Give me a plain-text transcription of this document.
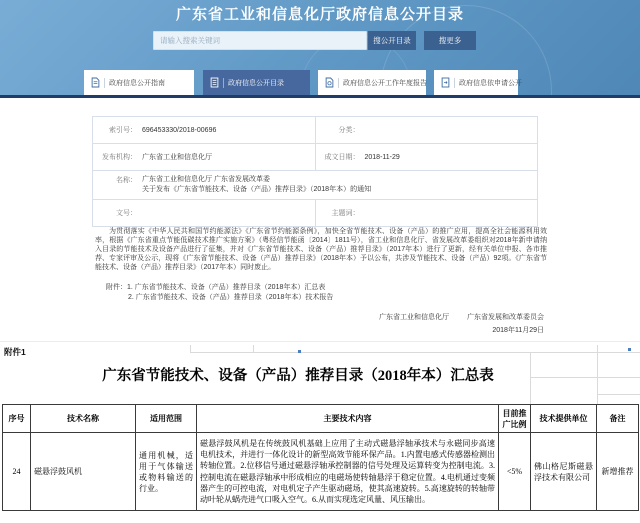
广东省工业和信息化厅政府信息公开目录
请输入搜索关键词
搜公开目录	搜更多
政府信息公开指南	政府信息公开目录	政府信息公开工作年度报告	政府信息依申请公开
索引号： 696453330/2018-00696	分类：
发布机构： 广东省工业和信息化厅	成文日期： 2018-11-29
名称： 广东省工业和信息化厅 广东省发展改革委
关于发布《广东省节能技术、设备（产品）推荐目录》（2018年本）的通知
文号：	主题词：

为贯彻落实《中华人民共和国节约能源法》《广东省节约能源条例》，加快全省节能技术、设备（产品）的推广应用，提高全社会能源利用效率，根据《广东省重点节能低碳技术推广实施方案》（粤经信节能函〔2014〕1811号），省工业和信息化厅、省发展改革委组织对2018年新申请纳入目录的节能技术及设备产品进行了征集，并对《广东省节能技术、设备（产品）推荐目录》（2017年本）进行了更新，经有关单位申报、各市推荐、专家评审及公示，现将《广东省节能技术、设备（产品）推荐目录》（2018年本）予以公布，共涉及节能技术、设备（产品）92项。《广东省节能技术、设备（产品）推荐目录》（2017年本）同时废止。

附件：1. 广东省节能技术、设备（产品）推荐目录（2018年本）汇总表
2. 广东省节能技术、设备（产品）推荐目录（2018年本）技术报告
广东省工业和信息化厅	广东省发展和改革委员会
2018年11月29日
附件1
广东省节能技术、设备（产品）推荐目录（2018年本）汇总表
序号	技术名称	适用范围	主要技术内容	目前推广比例	技术提供单位	备注
24	磁悬浮鼓风机	通用机械，适用于气体输送或物料输送的行业。	磁悬浮鼓风机是在传统鼓风机基础上应用了主动式磁悬浮轴承技术与永磁同步高速电机技术，并进行一体化设计的新型高效节能环保产品。1.内置电感式传感器检测出转轴位置。2.位移信号通过磁悬浮轴承控制器的信号处理及运算转变为控制电流。3.控制电流在磁悬浮轴承中形成相应的电磁场使转轴悬浮于稳定位置。4.电机通过变频器产生的可控电流，对电机定子产生驱动磁场，使其高速旋转。5.高速旋转的转轴带动叶轮从蜗壳进气口吸入空气。6.从而实现选定风量、风压输出。	<5%	佛山格尼斯磁悬浮技术有限公司	新增推荐
